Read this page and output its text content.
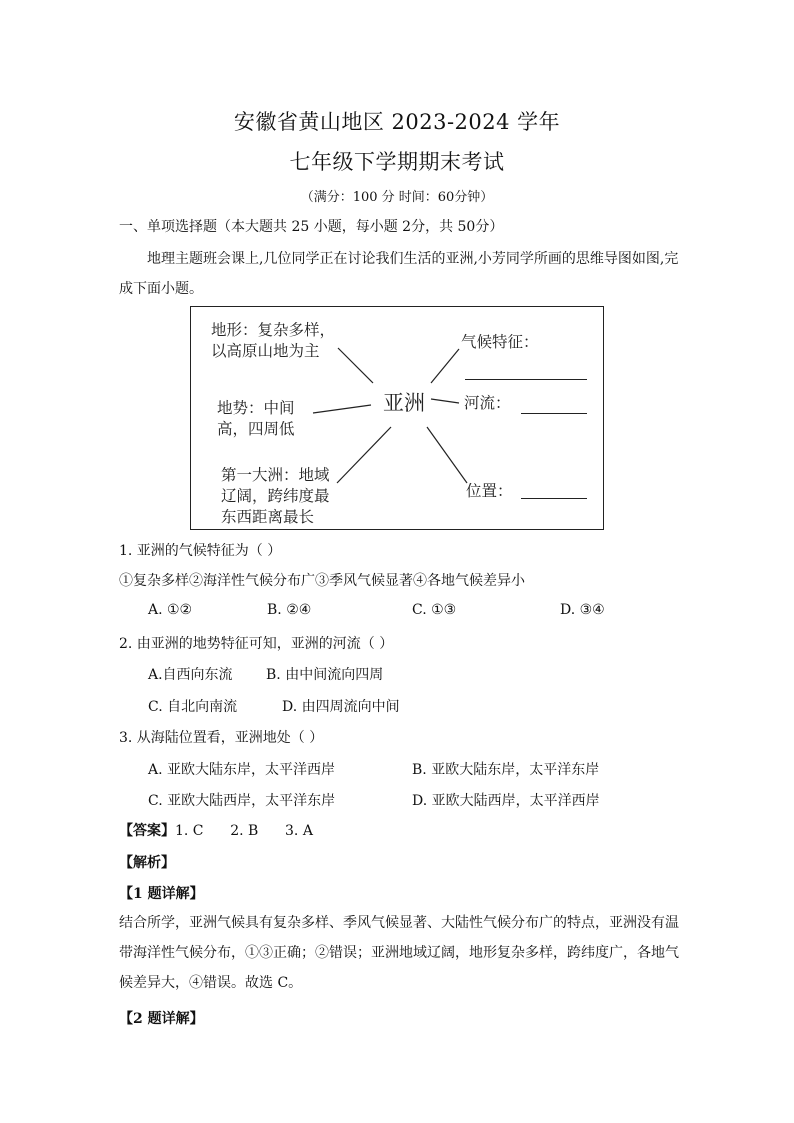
安徽省黄山地区 2023-2024 学年
七年级下学期期末考试
（满分：100 分 时间：60分钟）
一、单项选择题（本大题共 25 小题，每小题 2分，共 50分）
地理主题班会课上,几位同学正在讨论我们生活的亚洲,小芳同学所画的思维导图如图,完成下面小题。
地形：复杂多样，
以高原山地为主
地势：中间
高，四周低
第一大洲：地域
辽阔，跨纬度最
东西距离最长
亚洲
气候特征：
河流：
位置：
1. 亚洲的气候特征为（ ）
①复杂多样②海洋性气候分布广③季风气候显著④各地气候差异小
A. ①②	B. ②④	C. ①③	D. ③④
2. 由亚洲的地势特征可知，亚洲的河流（ ）
A.自西向东流 B. 由中间流向四周
C. 自北向南流	D. 由四周流向中间
3. 从海陆位置看，亚洲地处（ ）
A. 亚欧大陆东岸，太平洋西岸	B. 亚欧大陆东岸，太平洋东岸
C. 亚欧大陆西岸，太平洋东岸	D. 亚欧大陆西岸，太平洋西岸
【答案】1. C      2. B      3. A
【解析】
【1 题详解】
结合所学，亚洲气候具有复杂多样、季风气候显著、大陆性气候分布广的特点，亚洲没有温带海洋性气候分布，①③正确；②错误；亚洲地域辽阔，地形复杂多样，跨纬度广，各地气候差异大，④错误。故选 C。
【2 题详解】
